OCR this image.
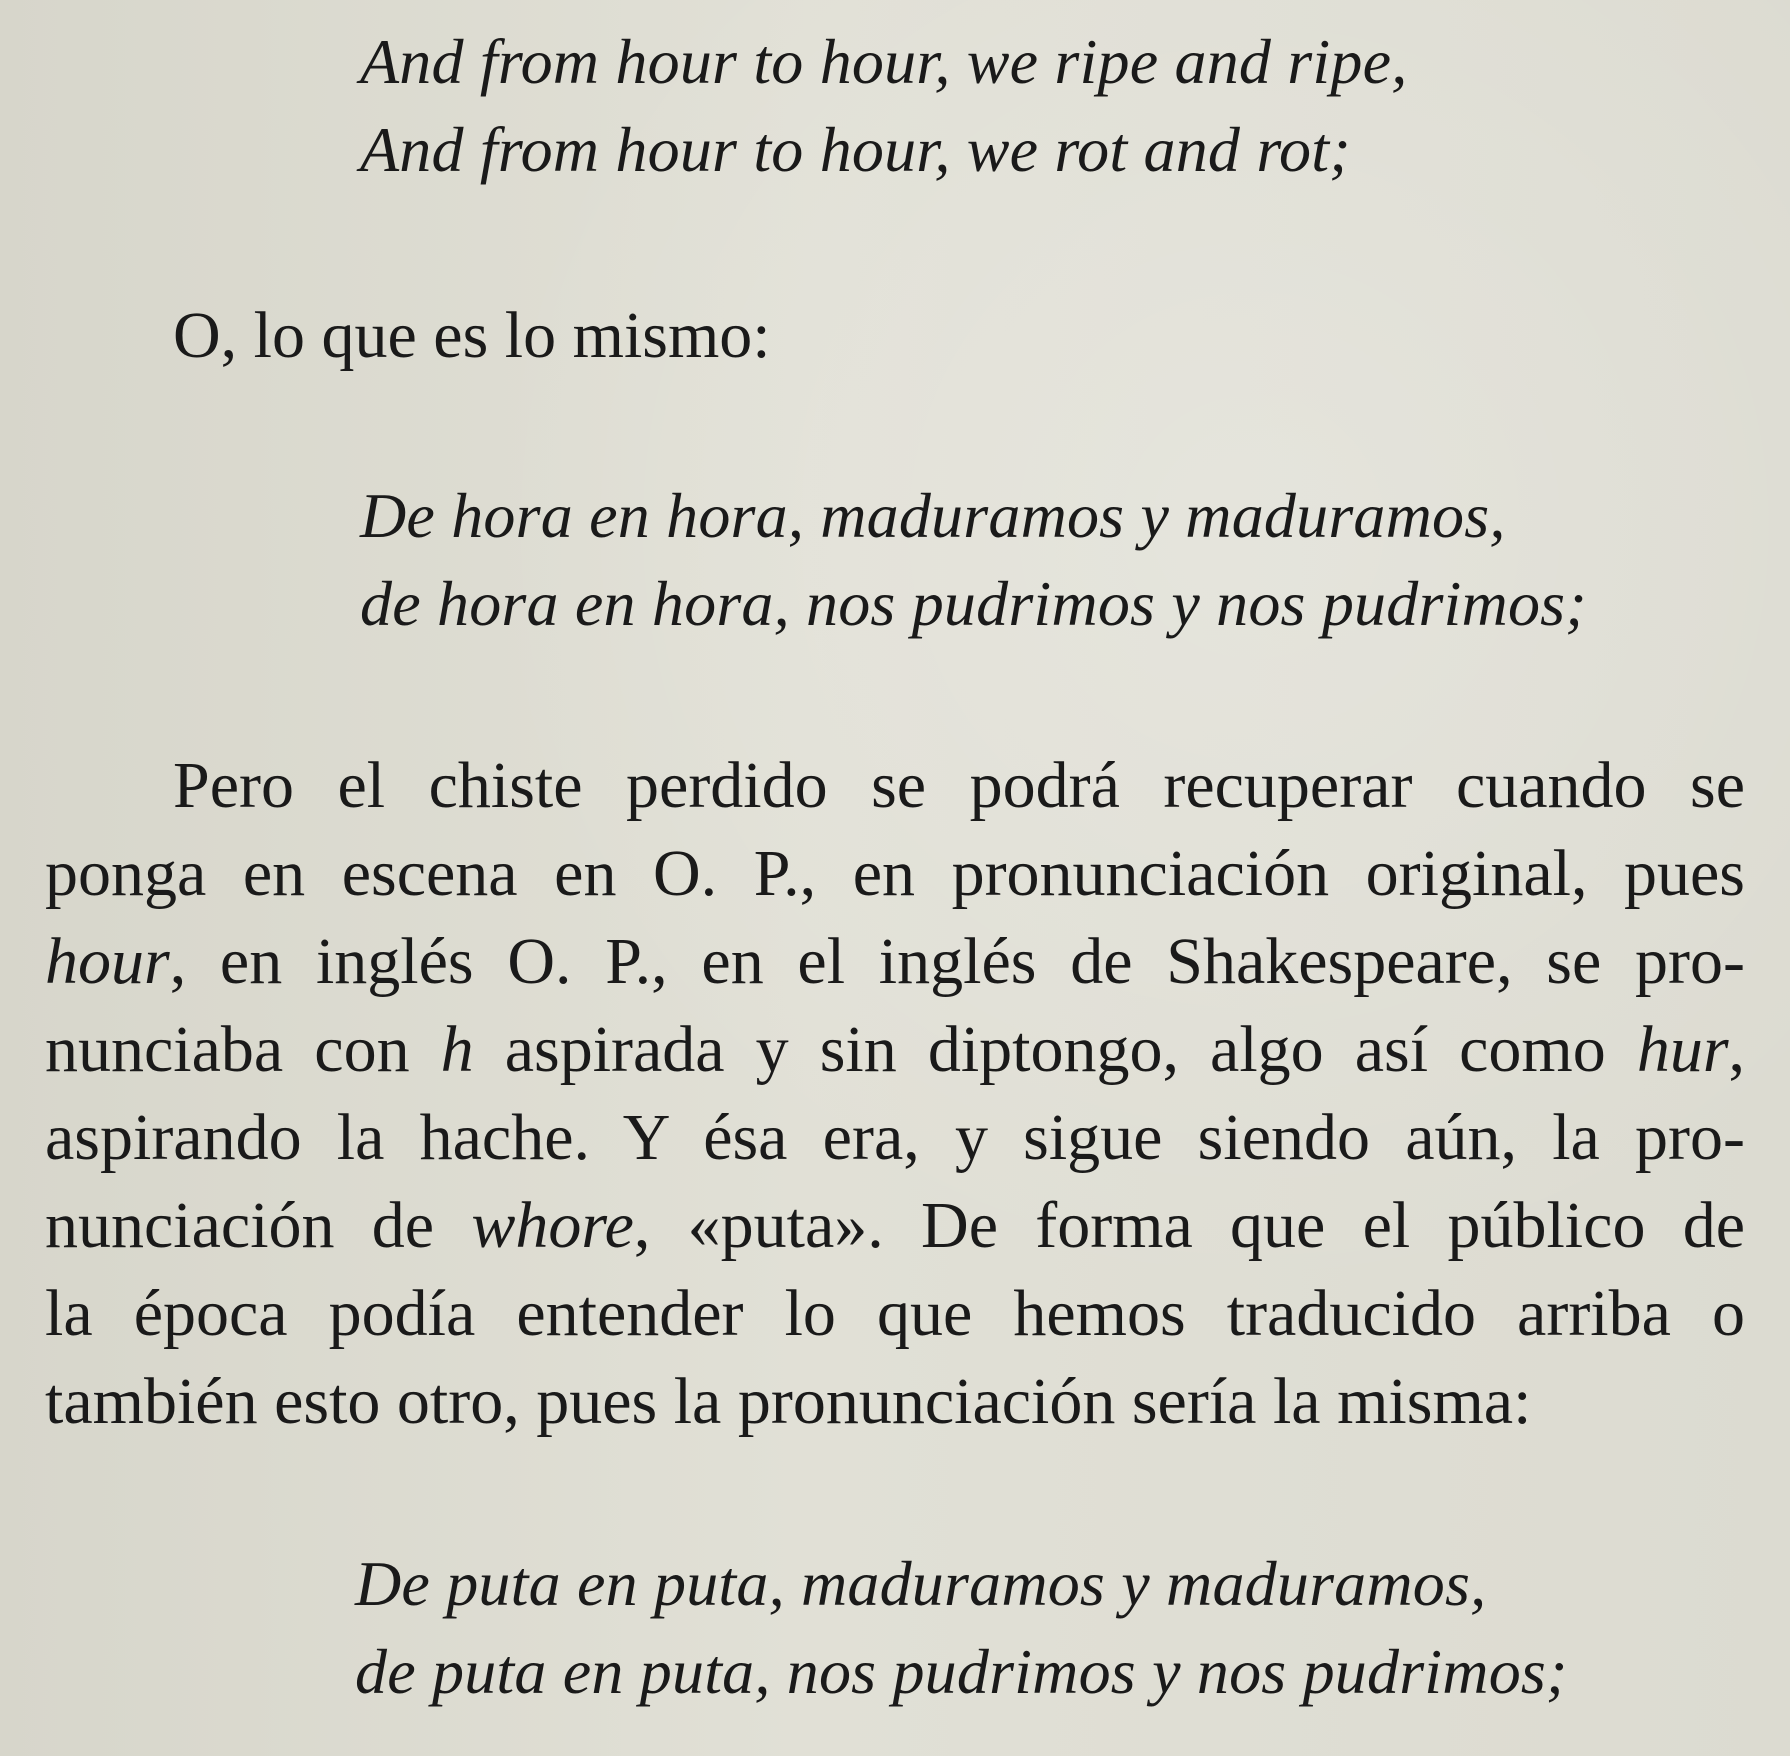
And from hour to hour, we ripe and ripe,
And from hour to hour, we rot and rot;
O, lo que es lo mismo:
De hora en hora, maduramos y maduramos,
de hora en hora, nos pudrimos y nos pudrimos;
Pero el chiste perdido se podrá recuperar cuando se
ponga en escena en O. P., en pronunciación original, pues
hour, en inglés O. P., en el inglés de Shakespeare, se pro-
nunciaba con h aspirada y sin diptongo, algo así como hur,
aspirando la hache. Y ésa era, y sigue siendo aún, la pro-
nunciación de whore, «puta». De forma que el público de
la época podía entender lo que hemos traducido arriba o
también esto otro, pues la pronunciación sería la misma:
De puta en puta, maduramos y maduramos,
de puta en puta, nos pudrimos y nos pudrimos;
